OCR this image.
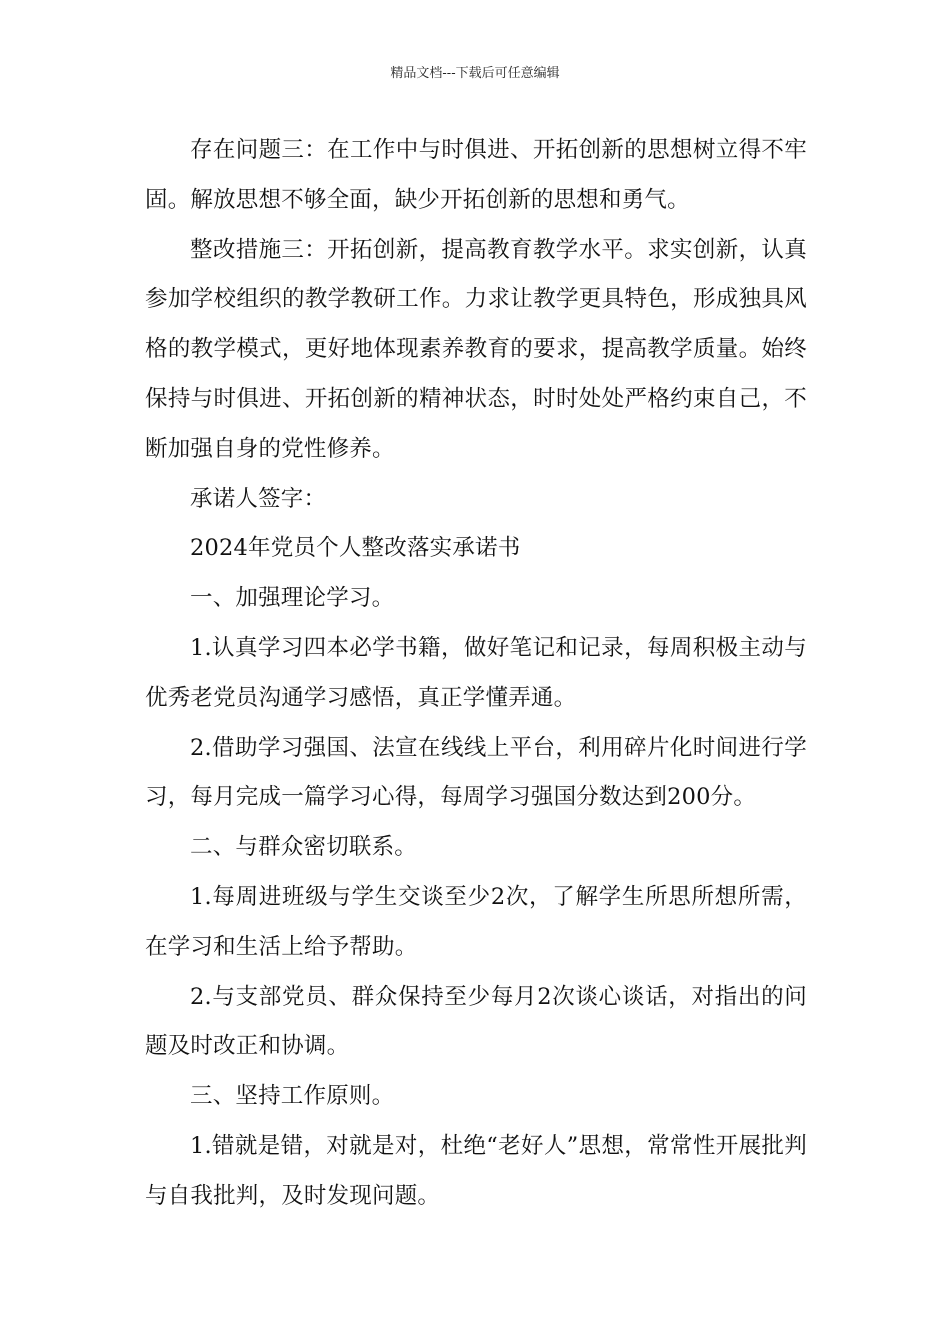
精品文档---下载后可任意编辑

存在问题三：在工作中与时俱进、开拓创新的思想树立得不牢固。解放思想不够全面，缺少开拓创新的思想和勇气。

整改措施三：开拓创新，提高教育教学水平。求实创新，认真参加学校组织的教学教研工作。力求让教学更具特色，形成独具风格的教学模式，更好地体现素养教育的要求，提高教学质量。始终保持与时俱进、开拓创新的精神状态，时时处处严格约束自己，不断加强自身的党性修养。

承诺人签字：

2024年党员个人整改落实承诺书

一、加强理论学习。

1.认真学习四本必学书籍，做好笔记和记录，每周积极主动与优秀老党员沟通学习感悟，真正学懂弄通。

2.借助学习强国、法宣在线线上平台，利用碎片化时间进行学习，每月完成一篇学习心得，每周学习强国分数达到200分。

二、与群众密切联系。

1.每周进班级与学生交谈至少2次，了解学生所思所想所需，在学习和生活上给予帮助。

2.与支部党员、群众保持至少每月2次谈心谈话，对指出的问题及时改正和协调。

三、坚持工作原则。

1.错就是错，对就是对，杜绝“老好人”思想，常常性开展批判与自我批判，及时发现问题。
